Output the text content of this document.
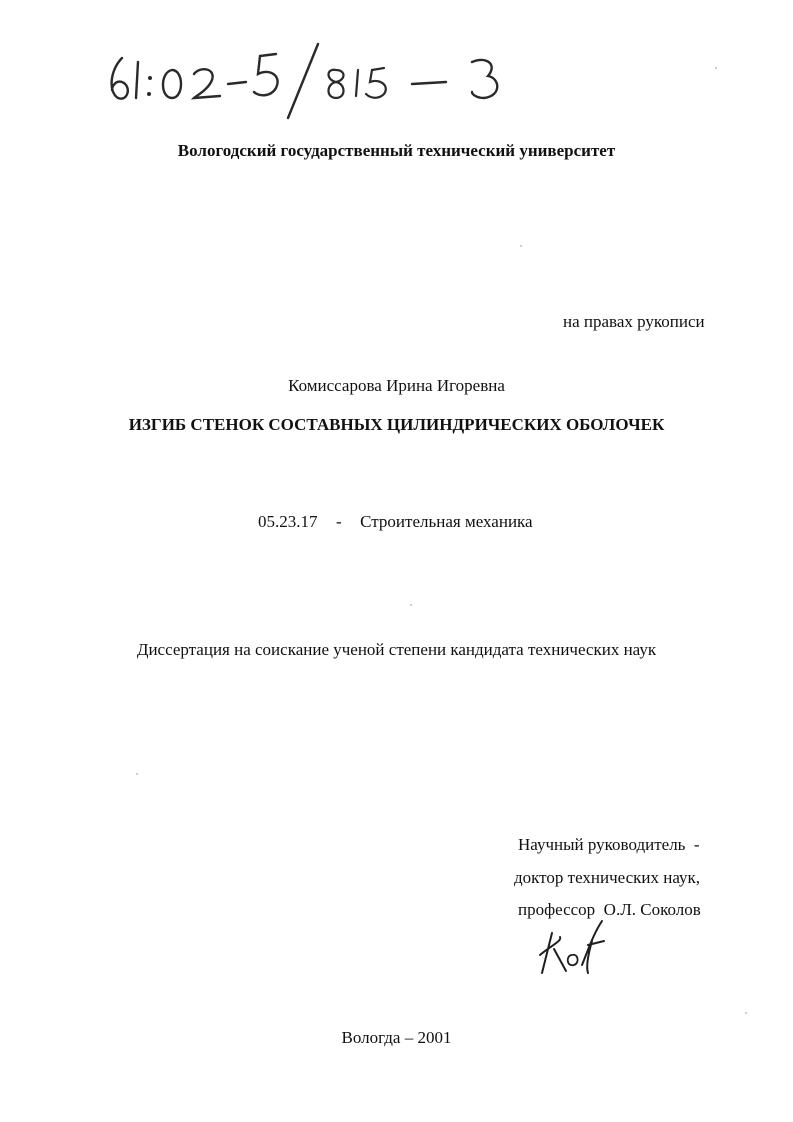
Вологодский государственный технический университет
на правах рукописи
Комиссарова Ирина Игоревна
ИЗГИБ СТЕНОК СОСТАВНЫХ ЦИЛИНДРИЧЕСКИХ ОБОЛОЧЕК
05.23.17 - Строительная механика
Диссертация на соискание ученой степени кандидата технических наук
Научный руководитель  -
доктор технических наук,
профессор  О.Л. Соколов
Вологда – 2001
